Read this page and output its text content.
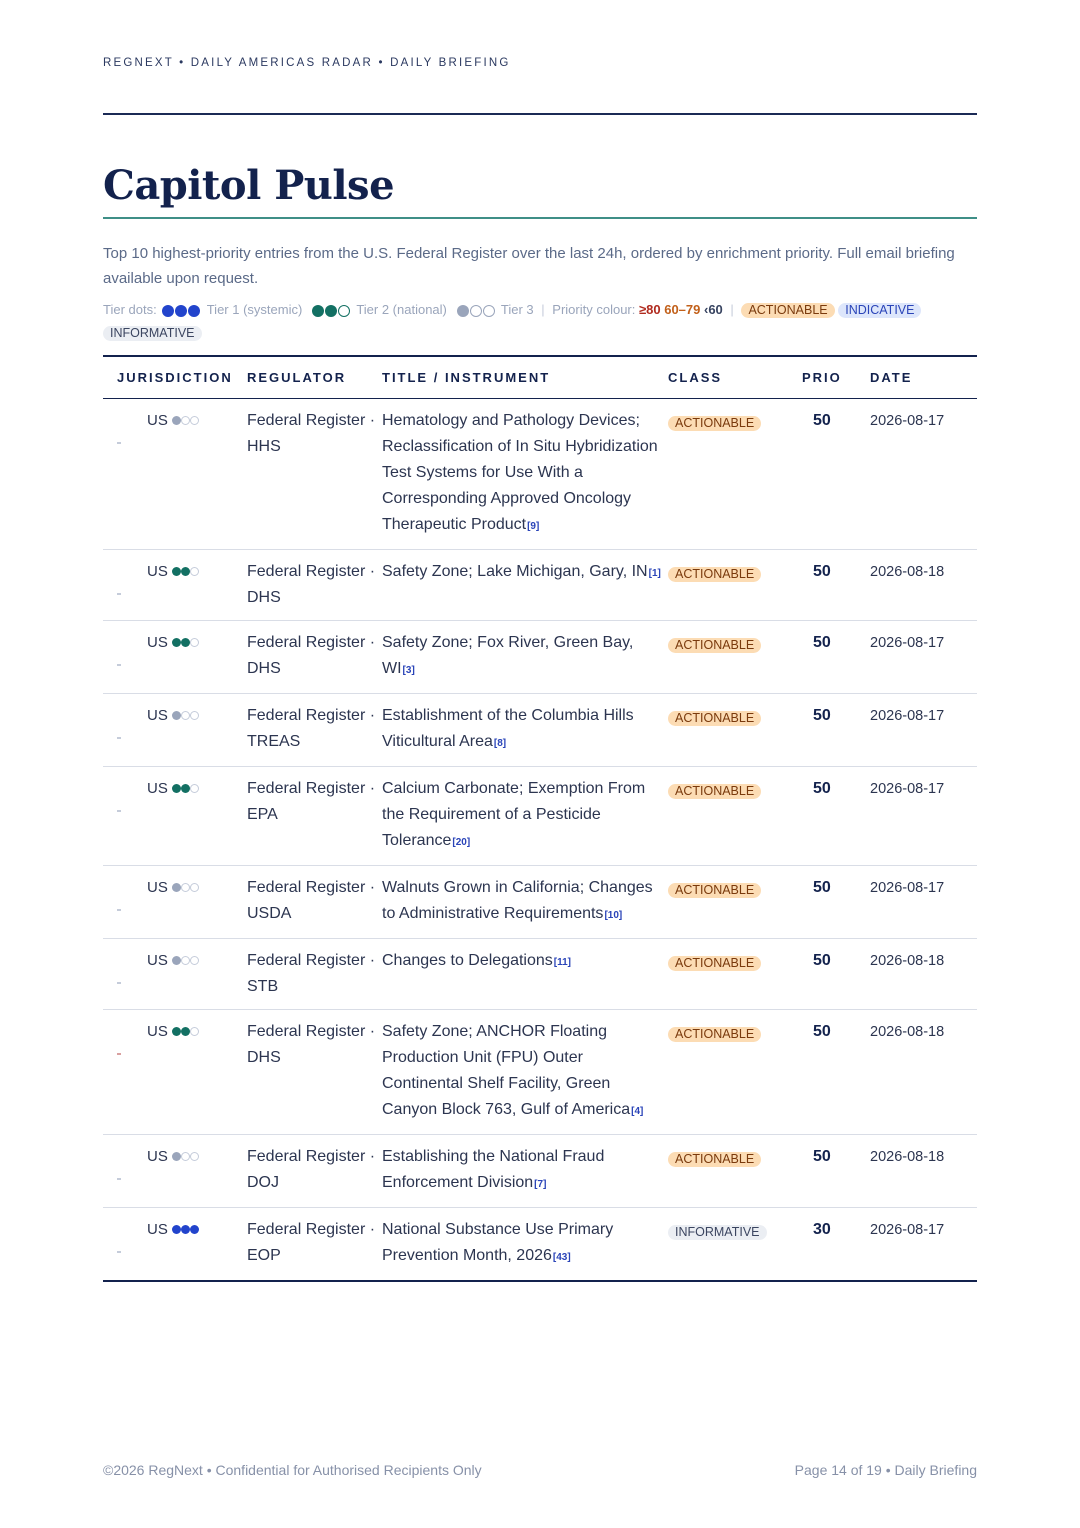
REGNEXT • DAILY AMERICAS RADAR • DAILY BRIEFING
Capitol Pulse

Top 10 highest-priority entries from the U.S. Federal Register over the last 24h, ordered by enrichment priority. Full email briefing available upon request.

Tier dots:	Tier 1 (systemic)	Tier 2 (national)	Tier 3 | Priority colour: ≥80 60–79 ‹60 | ACTIONABLE INDICATIVE
INFORMATIVE
JURISDICTION	REGULATOR	TITLE / INSTRUMENT	CLASS	PRIO	DATE

US	Federal Register · HHS	Hematology and Pathology Devices; Reclassification of In Situ Hybridization Test Systems for Use With a Corresponding Approved Oncology Therapeutic Product[9]	ACTIONABLE	50	2026-08-17

US	Federal Register · DHS	Safety Zone; Lake Michigan, Gary, IN[1]	ACTIONABLE	50	2026-08-18

US	Federal Register · DHS	Safety Zone; Fox River, Green Bay, WI[3]	ACTIONABLE	50	2026-08-17

US	Federal Register · TREAS	Establishment of the Columbia Hills Viticultural Area[8]	ACTIONABLE	50	2026-08-17

US	Federal Register · EPA	Calcium Carbonate; Exemption From the Requirement of a Pesticide Tolerance[20]	ACTIONABLE	50	2026-08-17

US	Federal Register · USDA	Walnuts Grown in California; Changes to Administrative Requirements[10]	ACTIONABLE	50	2026-08-17

US	Federal Register · STB	Changes to Delegations[11]	ACTIONABLE	50	2026-08-18

US	Federal Register · DHS	Safety Zone; ANCHOR Floating Production Unit (FPU) Outer Continental Shelf Facility, Green Canyon Block 763, Gulf of America[4]	ACTIONABLE	50	2026-08-18

US	Federal Register · DOJ	Establishing the National Fraud Enforcement Division[7]	ACTIONABLE	50	2026-08-18

US	Federal Register · EOP	National Substance Use Primary Prevention Month, 2026[43]	INFORMATIVE	30	2026-08-17
©2026 RegNext • Confidential for Authorised Recipients Only	Page 14 of 19 • Daily Briefing
